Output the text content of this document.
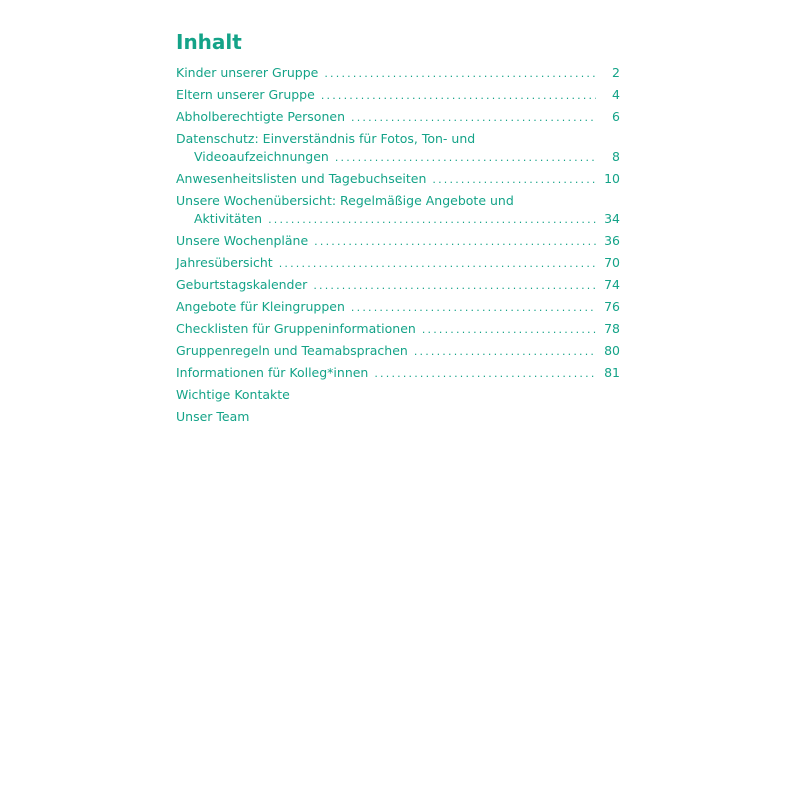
Inhalt
Kinder unserer Gruppe .....	2
Eltern unserer Gruppe .....	4
Abholberechtigte Personen .....	6
Datenschutz: Einverständnis für Fotos, Ton- und
Videoaufzeichnungen .....	8
Anwesenheitslisten und Tagebuchseiten .....	10
Unsere Wochenübersicht: Regelmäßige Angebote und
Aktivitäten .....	34
Unsere Wochenpläne .....	36
Jahresübersicht .....	70
Geburtstagskalender .....	74
Angebote für Kleingruppen .....	76
Checklisten für Gruppeninformationen .....	78
Gruppenregeln und Teamabsprachen .....	80
Informationen für Kolleg*innen .....	81
Wichtige Kontakte
Unser Team
